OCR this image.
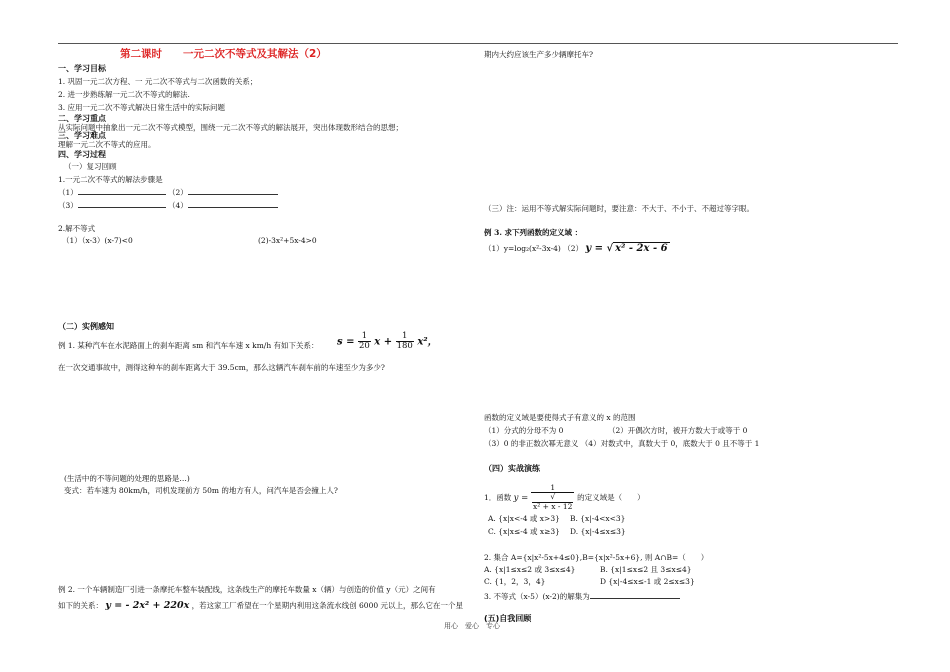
第二课时　　一元二次不等式及其解法（2）
一、学习目标
1. 巩固一元二次方程、一 元二次不等式与二次函数的关系；
2. 进一步熟练解一元二次不等式的解法.
3. 应用一元二次不等式解决日常生活中的实际问题
二、学习重点
从实际问题中抽象出一元二次不等式模型，围绕一元二次不等式的解法展开，突出体现数形结合的思想；
三、学习难点
理解一元二次不等式的应用。
四、学习过程
（一）复习回顾
1.一元二次不等式的解法步骤是
（1）	（2）
（3）	（4）
2.解不等式
（1）（x-3）(x-7)<0	(2)-3x²+5x-4>0
（二）实例感知
例 1. 某种汽车在水泥路面上的刹车距离 sm 和汽车车速 x km/h 有如下关系： $s = \frac{1}{20}$ $x + \frac{1}{180} x^2$，
在一次交通事故中，测得这种车的刹车距离大于 39.5cm，那么这辆汽车刹车前的车速至少为多少?
(生活中的不等问题的处理的思路是…)
变式：若车速为 80km/h，司机发现前方 50m 的地方有人，问汽车是否会撞上人?
例 2. 一个车辆制造厂引进一条摩托车整车装配线，这条线生产的摩托车数量 x（辆）与创造的价值 y（元）之间有
如下的关系： y = - 2x² + 220x ，若这家工厂希望在一个星期内利用这条流水线创 6000 元以上，那么它在一个星
期内大约应该生产多少辆摩托车?
（三）注：运用不等式解实际问题时，要注意：不大于、不小于、不超过等字眼。
例 3. 求下列函数的定义域 ：
（1）y=log₂(x²-3x-4) （2） y = √ x² - 2x - 6
函数的定义域是要使得式子有意义的 x 的范围
（1）分式的分母不为 0	（2）开偶次方时，被开方数大于或等于 0
（3）0 的非正数次幂无意义 （4）对数式中，真数大于 0，底数大于 0 且不等于 1
（四）实战演练
1．函数 y = 1
√
x² + x - 12 的定义域是（　　）
A. {x|x<-4 或 x>3} B. {x|-4<x<3}
C. {x|x≤-4 或 x≥3} D. {x|-4≤x≤3}
2. 集合 A={x|x²-5x+4≤0},B={x|x²-5x+6}, 则 A∩B=（　　）
A. {x|1≤x≤2 或 3≤x≤4}	B. {x|1≤x≤2 且 3≤x≤4}
C. {1，2，3，4}	D {x|-4≤x≤-1 或 2≤x≤3}
3. 不等式（x-5）(x-2)的解集为
(五)自我回顾
用心　爱心　专心
